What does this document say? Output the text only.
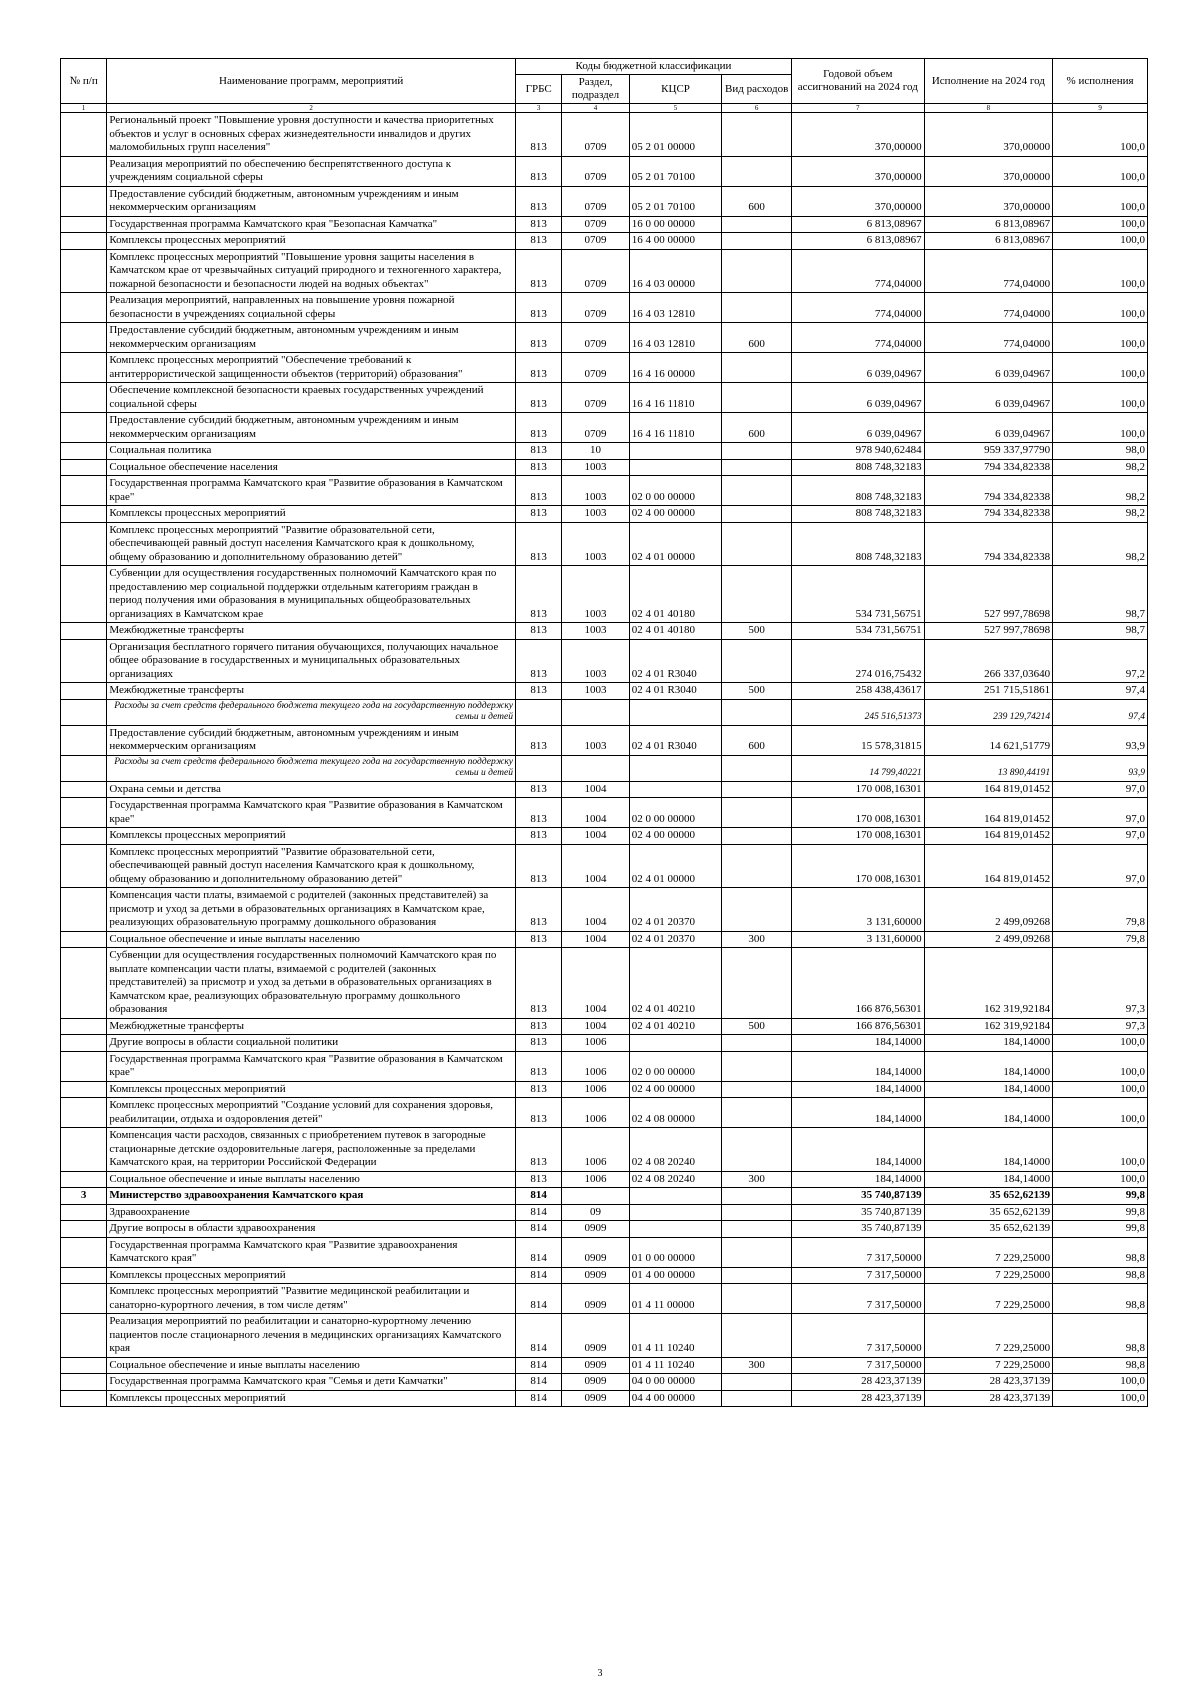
№ п/п	Наименование программ, мероприятий	Коды бюджетной классификации				Годовой объем ассигнований на 2024 год	Исполнение на 2024 год	% исполнения
		ГРБС	Раздел, подраздел	КЦСР	Вид расходов			
1	2	3	4	5	6	7	8	9
	Региональный проект "Повышение уровня доступности и качества приоритетных объектов и услуг в основных сферах жизнедеятельности инвалидов и других маломобильных групп населения"	813	0709	05 2 01 00000		370,00000	370,00000	100,0
	Реализация мероприятий по обеспечению беспрепятственного доступа к учреждениям социальной сферы	813	0709	05 2 01 70100		370,00000	370,00000	100,0
	Предоставление субсидий бюджетным, автономным учреждениям и иным некоммерческим организациям	813	0709	05 2 01 70100	600	370,00000	370,00000	100,0
	Государственная программа Камчатского края "Безопасная Камчатка"	813	0709	16 0 00 00000		6 813,08967	6 813,08967	100,0
	Комплексы процессных мероприятий	813	0709	16 4 00 00000		6 813,08967	6 813,08967	100,0
	Комплекс процессных мероприятий "Повышение уровня защиты населения в Камчатском крае от чрезвычайных ситуаций природного и техногенного характера, пожарной безопасности и безопасности людей на водных объектах"	813	0709	16 4 03 00000		774,04000	774,04000	100,0
	Реализация мероприятий, направленных на повышение уровня пожарной безопасности в учреждениях социальной сферы	813	0709	16 4 03 12810		774,04000	774,04000	100,0
	Предоставление субсидий бюджетным, автономным учреждениям и иным некоммерческим организациям	813	0709	16 4 03 12810	600	774,04000	774,04000	100,0
	Комплекс процессных мероприятий "Обеспечение требований к антитеррористической защищенности объектов (территорий) образования"	813	0709	16 4 16 00000		6 039,04967	6 039,04967	100,0
	Обеспечение комплексной безопасности краевых государственных учреждений социальной сферы	813	0709	16 4 16 11810		6 039,04967	6 039,04967	100,0
	Предоставление субсидий бюджетным, автономным учреждениям и иным некоммерческим организациям	813	0709	16 4 16 11810	600	6 039,04967	6 039,04967	100,0
	Социальная политика	813	10			978 940,62484	959 337,97790	98,0
	Социальное обеспечение населения	813	1003			808 748,32183	794 334,82338	98,2
	Государственная программа Камчатского края "Развитие образования в Камчатском крае"	813	1003	02 0 00 00000		808 748,32183	794 334,82338	98,2
	Комплексы процессных мероприятий	813	1003	02 4 00 00000		808 748,32183	794 334,82338	98,2
	Комплекс процессных мероприятий "Развитие образовательной сети, обеспечивающей равный доступ населения Камчатского края к дошкольному, общему образованию и дополнительному образованию детей"	813	1003	02 4 01 00000		808 748,32183	794 334,82338	98,2
	Субвенции для осуществления государственных полномочий Камчатского края по предоставлению мер социальной поддержки отдельным категориям граждан в период получения ими образования в муниципальных общеобразовательных организациях в Камчатском крае	813	1003	02 4 01 40180		534 731,56751	527 997,78698	98,7
	Межбюджетные трансферты	813	1003	02 4 01 40180	500	534 731,56751	527 997,78698	98,7
	Организация бесплатного горячего питания обучающихся, получающих начальное общее образование в государственных и муниципальных образовательных организациях	813	1003	02 4 01 R3040		274 016,75432	266 337,03640	97,2
	Межбюджетные трансферты	813	1003	02 4 01 R3040	500	258 438,43617	251 715,51861	97,4
	Расходы за счет средств федерального бюджета текущего года на государственную поддержку семьи и детей					245 516,51373	239 129,74214	97,4
	Предоставление субсидий бюджетным, автономным учреждениям и иным некоммерческим организациям	813	1003	02 4 01 R3040	600	15 578,31815	14 621,51779	93,9
	Расходы за счет средств федерального бюджета текущего года на государственную поддержку семьи и детей					14 799,40221	13 890,44191	93,9
	Охрана семьи и детства	813	1004			170 008,16301	164 819,01452	97,0
	Государственная программа Камчатского края "Развитие образования в Камчатском крае"	813	1004	02 0 00 00000		170 008,16301	164 819,01452	97,0
	Комплексы процессных мероприятий	813	1004	02 4 00 00000		170 008,16301	164 819,01452	97,0
	Комплекс процессных мероприятий "Развитие образовательной сети, обеспечивающей равный доступ населения Камчатского края к дошкольному, общему образованию и дополнительному образованию детей"	813	1004	02 4 01 00000		170 008,16301	164 819,01452	97,0
	Компенсация части платы, взимаемой с родителей (законных представителей) за присмотр и уход за детьми в образовательных организациях в Камчатском крае, реализующих образовательную программу дошкольного образования	813	1004	02 4 01 20370		3 131,60000	2 499,09268	79,8
	Социальное обеспечение и иные выплаты населению	813	1004	02 4 01 20370	300	3 131,60000	2 499,09268	79,8
	Субвенции для осуществления государственных полномочий Камчатского края по выплате компенсации части платы, взимаемой с родителей (законных представителей) за присмотр и уход за детьми в образовательных организациях в Камчатском крае, реализующих образовательную программу дошкольного образования	813	1004	02 4 01 40210		166 876,56301	162 319,92184	97,3
	Межбюджетные трансферты	813	1004	02 4 01 40210	500	166 876,56301	162 319,92184	97,3
	Другие вопросы в области социальной политики	813	1006			184,14000	184,14000	100,0
	Государственная программа Камчатского края "Развитие образования в Камчатском крае"	813	1006	02 0 00 00000		184,14000	184,14000	100,0
	Комплексы процессных мероприятий	813	1006	02 4 00 00000		184,14000	184,14000	100,0
	Комплекс процессных мероприятий "Создание условий для сохранения здоровья, реабилитации, отдыха и оздоровления детей"	813	1006	02 4 08 00000		184,14000	184,14000	100,0
	Компенсация части расходов, связанных с приобретением путевок в загородные стационарные детские оздоровительные лагеря, расположенные за пределами Камчатского края, на территории Российской Федерации	813	1006	02 4 08 20240		184,14000	184,14000	100,0
	Социальное обеспечение и иные выплаты населению	813	1006	02 4 08 20240	300	184,14000	184,14000	100,0
3	Министерство здравоохранения Камчатского края	814				35 740,87139	35 652,62139	99,8
	Здравоохранение	814	09			35 740,87139	35 652,62139	99,8
	Другие вопросы в области здравоохранения	814	0909			35 740,87139	35 652,62139	99,8
	Государственная программа Камчатского края "Развитие здравоохранения Камчатского края"	814	0909	01 0 00 00000		7 317,50000	7 229,25000	98,8
	Комплексы процессных мероприятий	814	0909	01 4 00 00000		7 317,50000	7 229,25000	98,8
	Комплекс процессных мероприятий "Развитие медицинской реабилитации и санаторно-курортного лечения, в том числе детям"	814	0909	01 4 11 00000		7 317,50000	7 229,25000	98,8
	Реализация мероприятий по реабилитации и санаторно-курортному лечению пациентов после стационарного лечения в медицинских организациях Камчатского края	814	0909	01 4 11 10240		7 317,50000	7 229,25000	98,8
	Социальное обеспечение и иные выплаты населению	814	0909	01 4 11 10240	300	7 317,50000	7 229,25000	98,8
	Государственная программа Камчатского края "Семья и дети Камчатки"	814	0909	04 0 00 00000		28 423,37139	28 423,37139	100,0
	Комплексы процессных мероприятий	814	0909	04 4 00 00000		28 423,37139	28 423,37139	100,0
3
